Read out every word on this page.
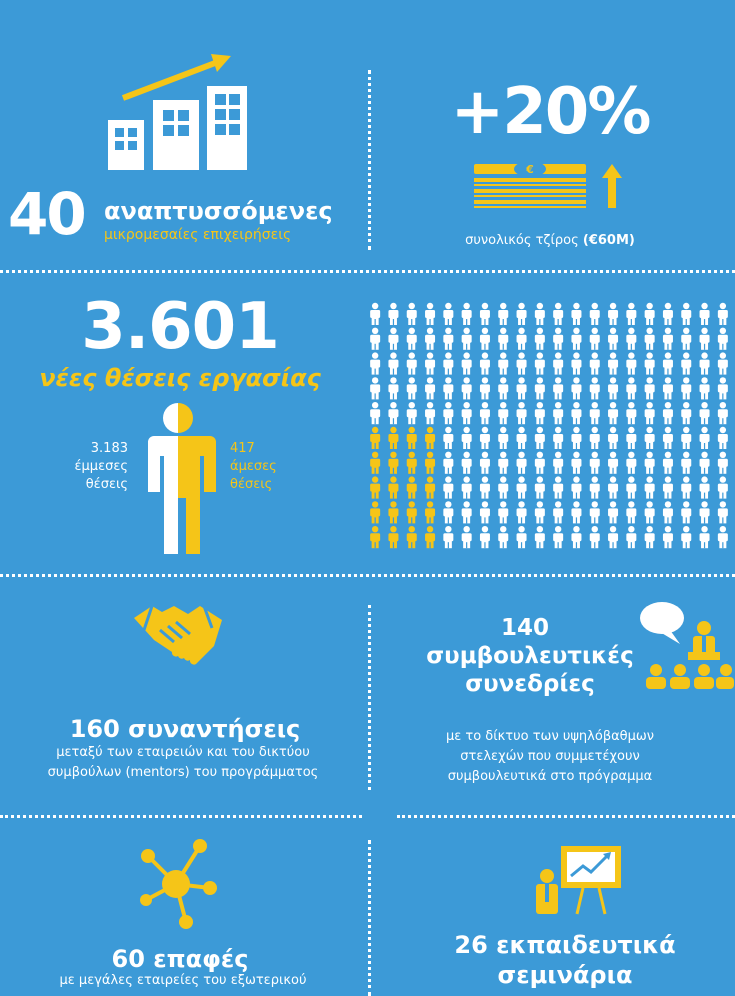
40 αναπτυσσόμενες
μικρομεσαίες επιχειρήσεις
+20%
€
συνολικός τζίρος (€60M)
3.601
νέες θέσεις εργασίας
3.183
έμμεσες
θέσεις
417
άμεσες
θέσεις
160 συναντήσεις
μεταξύ των εταιρειών και του δικτύου
συμβούλων (mentors) του προγράμματος
140
συμβουλευτικές
συνεδρίες
με το δίκτυο των υψηλόβαθμων
στελεχών που συμμετέχουν
συμβουλευτικά στο πρόγραμμα
60 επαφές
με μεγάλες εταιρείες του εξωτερικού
26 εκπαιδευτικά
σεμινάρια
